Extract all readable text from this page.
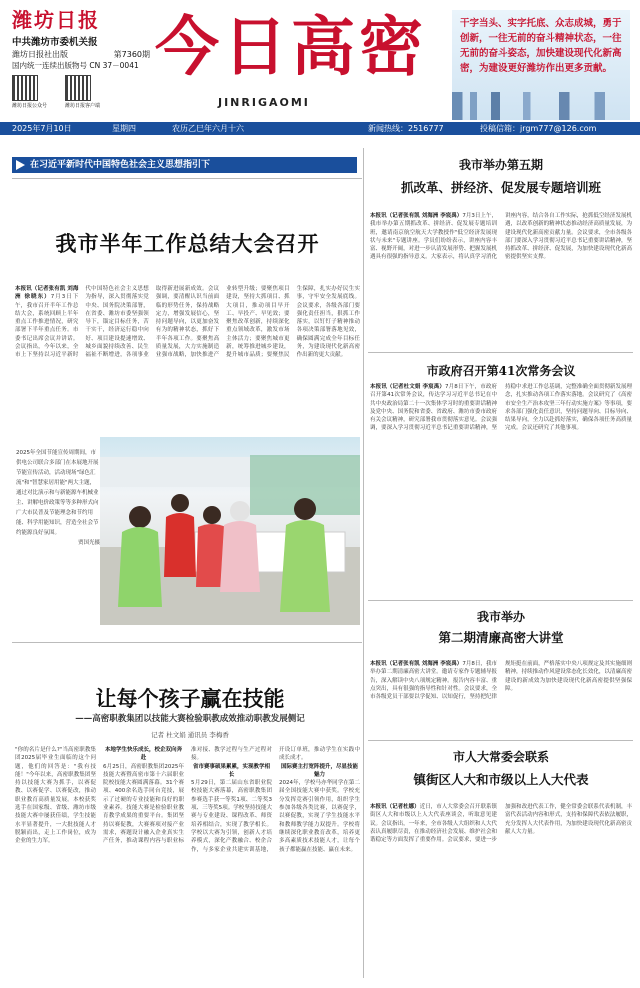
潍坊日报
中共潍坊市委机关报
潍坊日报社出版	第7360期
国内统一连续出版物号 CN 37－0041
潍坊日报公众号	潍坊日报客户端
今日高密
JINRIGAOMI

干字当头、实字托底、众志成城，勇于创新，一往无前的奋斗精神状态，一往无前的奋斗姿态，加快建设现代化新高密，为建设更好潍坊作出更多贡献。

2025年7月10日	星期四	农历乙巳年六月十六	新闻热线：2516777	投稿信箱：jrgm777@126.com
在习近平新时代中国特色社会主义思想指引下
我市半年工作总结大会召开
本报讯（记者张有凯 刘海洲 徐晓东）7月3日下午，我市召开半年工作总结大会，系统回顾上半年重点工作推进情况，研究部署下半年重点任务。市委书记出席会议并讲话。会议指出，今年以来，全市上下坚持以习近平新时代中国特色社会主义思想为指导，深入贯彻落实党中央、国务院决策部署，在省委、潍坊市委坚强领导下，锚定目标任务，苦干实干，经济运行稳中向好、项目建设提速增效、城乡面貌持续改善、民生福祉不断增进，各项事业取得新进展新成效。会议强调，要清醒认识当前面临的形势任务，保持战略定力，增强发展信心，坚持问题导向，以更加奋发有为的精神状态，抓好下半年各项工作。要聚焦高质量发展，大力实施制造业强市战略，加快推进产业转型升级；要聚焦项目建设，坚持大抓项目、抓大项目，推动项目早开工、早投产、早见效；要聚焦改革创新，持续深化重点领域改革，激发市场主体活力；要聚焦城市更新，统筹推进城乡建设，提升城市品质；要聚焦民生保障，扎实办好民生实事，守牢安全发展底线。会议要求，各级各部门要强化责任担当，狠抓工作落实，以钉钉子精神推动各项决策部署落地见效，确保圆满完成全年目标任务，为建设现代化新高密作出新的更大贡献。
2025年全国节能宣传周期间，市供电公司联合多部门在本展地开展节能宣传活动，活动现场"绿色汇流"和"智慧家居用能"两大主题，通过对比演示和与新能源车机械业主、讲解电价政策等等多种形式向广大市民普及节能理念和节约用能、科学用能知识，营造全社会节约能源良好氛围。

贾国光摄
让每个孩子赢在技能
——高密职教集团以技能大赛检验职教成效推动职教发展侧记
记者 杜文娟 通讯员 李梅香
"你的名片是什么?"当高密职教集团2025届毕业生面临的这个问题，他们的回答是："我有技能！"今年以来，高密职教集团坚持以技能大赛为抓手，以赛促教、以赛促学、以赛促改，推动职业教育高质量发展。本校获奖选手在国家级、省级、潍坊市级技能大赛中屡获佳绩，学生技能水平显著提升，一大批技能人才脱颖而出，走上工作岗位，成为企业的生力军。
本地学生快乐成长，校企双向奔赴
6月25日，高密职教集团2025年技能大赛暨高密市第十六届职业院校技能大赛圆满落幕。31个赛项、400余名选手同台竞技，展示了过硬的专业技能和良好的职业素养。技能大赛是检验职业教育教学成果的重要平台。集团坚持以赛促教，大赛赛项对接产业需求，赛题设计融入企业真实生产任务，推动课程内容与职业标准对接、教学过程与生产过程对接。
省市赛事硕果累累，实现教学相长
5月29日，第二届山东省职业院校技能大赛落幕，高密职教集团参赛选手获一等奖1项、二等奖3项、三等奖5项。学校坚持技能大赛与专业建设、课程改革、师资培养相结合，实现了教学相长。学校以大赛为引领，创新人才培养模式，深化产教融合、校企合作，与多家企业共建实训基地，开设订单班，推动学生在实践中成长成才。
国际赛主打宽阵提升，尽显技能魅力
2024年，学校马亦华同学在第二届全国技能大赛中获奖。学校充分发挥竞赛引领作用，组织学生参加各级各类比赛，以赛促学，以赛促教，实现了学生技能水平和教师教学能力双提升。学校将继续深化职业教育改革，培养更多高素质技术技能人才，让每个孩子都能赢在技能、赢在未来。
我市举办第五期
抓改革、拼经济、促发展专题培训班
本报讯（记者张有凯 刘海洲 李宸禹）7月3日上午，我市举办第五期抓改革、拼经济、促发展专题培训班，邀请南京航空航天大学教授作"低空经济发展现状与未来"专题讲座。学员们纷纷表示，讲座内容丰富、视野开阔，对进一步认清发展形势、把握发展机遇具有很强的指导意义。大家表示，将认真学习消化讲座内容，结合各自工作实际，抢抓低空经济发展机遇，以改革创新的精神状态推动经济高质量发展，为建设现代化新高密贡献力量。会议要求，全市各级各部门要深入学习贯彻习近平总书记重要讲话精神，坚持抓改革、拼经济、促发展，为加快建设现代化新高密提供坚实支撑。
市政府召开第41次常务会议
本报讯（记者杜文娟 李宸禹）7月8日下午，市政府召开第41次常务会议，传达学习习近平总书记在中共中央政治局第二十一次集体学习时的重要讲话精神及党中央、国务院和省委、省政府、潍坊市委市政府有关会议精神，研究部署我市贯彻落实意见。会议强调，要深入学习贯彻习近平总书记重要讲话精神，坚持稳中求进工作总基调，完整准确全面贯彻新发展理念，扎实推动各项工作落实落地。会议研究了《高密市安全生产治本攻坚三年行动实施方案》等事项，要求各部门强化责任意识，坚持问题导向、目标导向、结果导向，全力以赴抓好落实，确保各项任务高质量完成。会议还研究了其他事项。
我市举办
第二期清廉高密大讲堂
本报讯（记者张有凯 刘海洲 李宸禹）7月8日，我市举办第二期清廉高密大讲堂。邀请专家作专题辅导报告，深入解读中央八项规定精神。报告内容丰富、重点突出，具有很强的指导性和针对性。会议要求，全市各级党员干部要以学促知、以知促行，坚持把纪律规矩挺在前面，严格落实中央八项规定及其实施细则精神，持续推动作风建设常态化长效化，以清廉高密建设的新成效为加快建设现代化新高密提供坚强保障。
市人大常委会联系
镇街区人大和市级以上人大代表
本报讯（记者杜娜）近日，市人大常委会召开联系镇街区人大和市级以上人大代表座谈会，听取意见建议。会议指出，一年来，全市各级人大组织和人大代表认真履职尽责，在推动经济社会发展、维护社会和谐稳定等方面发挥了重要作用。会议要求，要进一步加强和改进代表工作，健全常委会联系代表机制，丰富代表活动内容和形式，支持和保障代表依法履职，充分发挥人大代表作用，为加快建设现代化新高密贡献人大力量。
